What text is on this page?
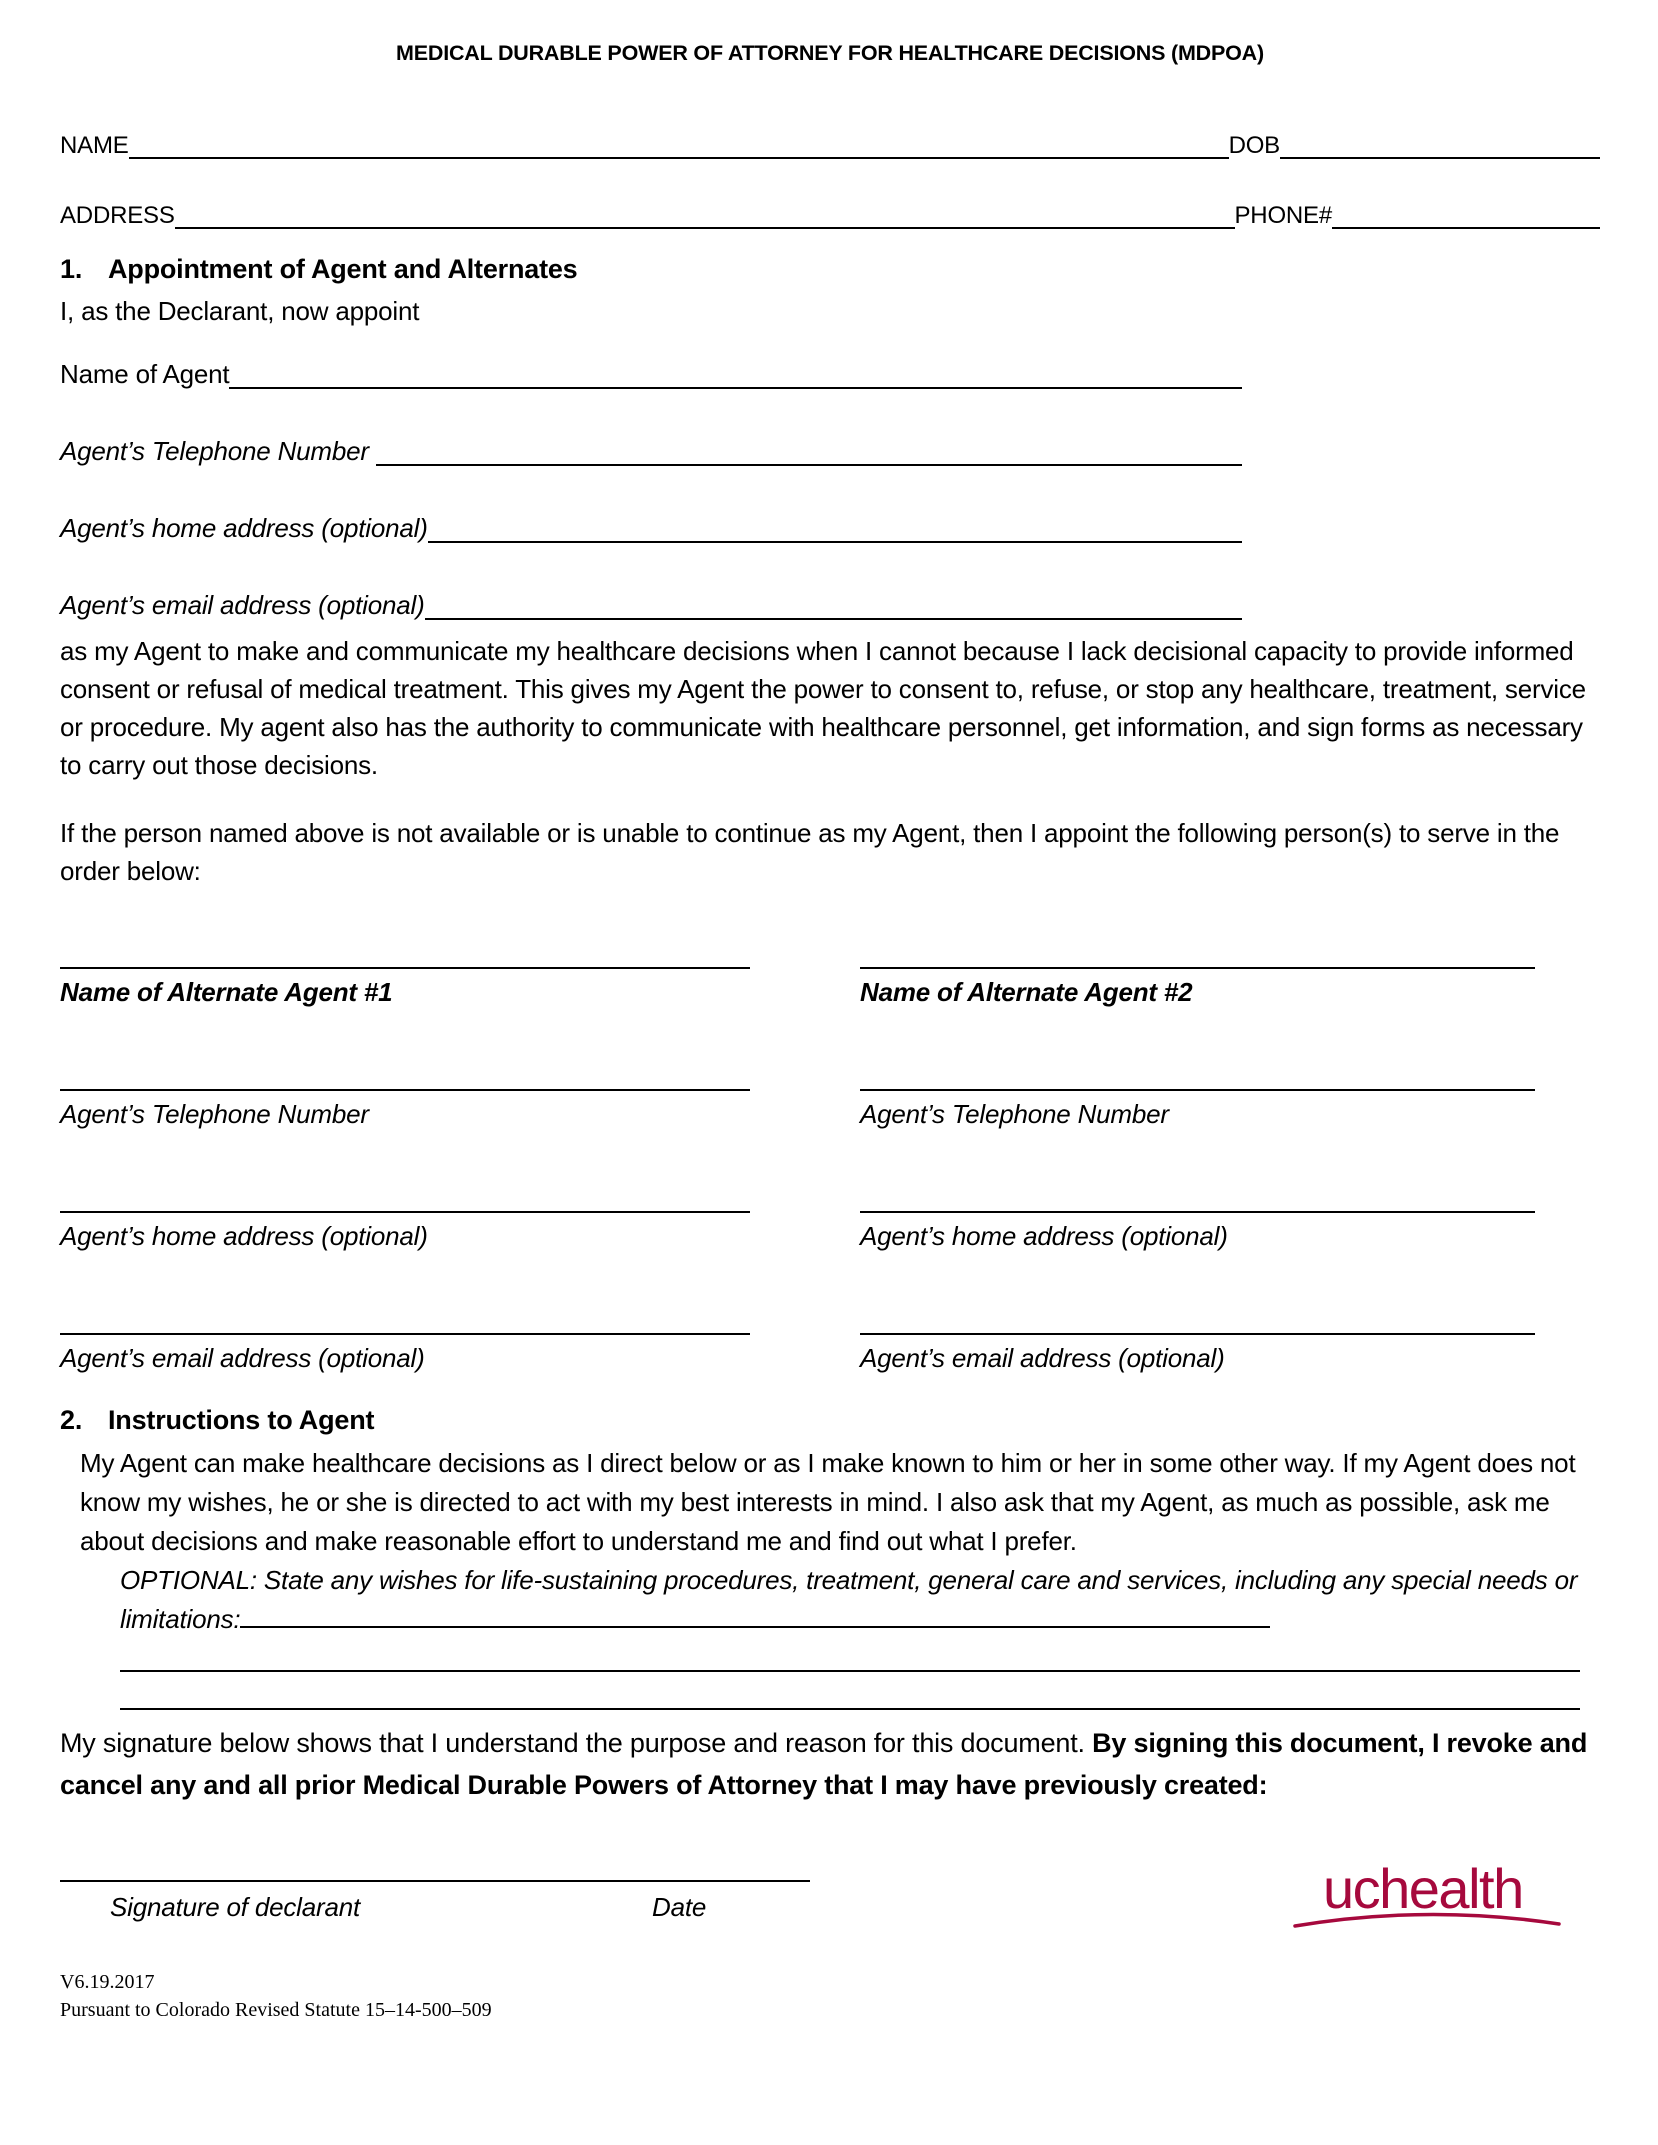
MEDICAL DURABLE POWER OF ATTORNEY FOR HEALTHCARE DECISIONS (MDPOA)
NAME	DOB
ADDRESS	PHONE#
1. Appointment of Agent and Alternates
I, as the Declarant, now appoint
Name of Agent
Agent’s Telephone Number
Agent’s home address (optional)
Agent’s email address (optional)
as my Agent to make and communicate my healthcare decisions when I cannot because I lack decisional capacity to provide informed consent or refusal of medical treatment. This gives my Agent the power to consent to, refuse, or stop any healthcare, treatment, service or procedure. My agent also has the authority to communicate with healthcare personnel, get information, and sign forms as necessary to carry out those decisions.
If the person named above is not available or is unable to continue as my Agent, then I appoint the following person(s) to serve in the order below:
Name of Alternate Agent #1	Name of Alternate Agent #2
Agent’s Telephone Number	Agent’s Telephone Number
Agent’s home address (optional)	Agent’s home address (optional)
Agent’s email address (optional)	Agent’s email address (optional)
2. Instructions to Agent
My Agent can make healthcare decisions as I direct below or as I make known to him or her in some other way. If my Agent does not know my wishes, he or she is directed to act with my best interests in mind. I also ask that my Agent, as much as possible, ask me about decisions and make reasonable effort to understand me and find out what I prefer.
OPTIONAL: State any wishes for life-sustaining procedures, treatment, general care and services, including any special needs or limitations:
My signature below shows that I understand the purpose and reason for this document. By signing this document, I revoke and cancel any and all prior Medical Durable Powers of Attorney that I may have previously created:
Signature of declarant	Date	uchealth
V6.19.2017
Pursuant to Colorado Revised Statute 15–14-500–509
